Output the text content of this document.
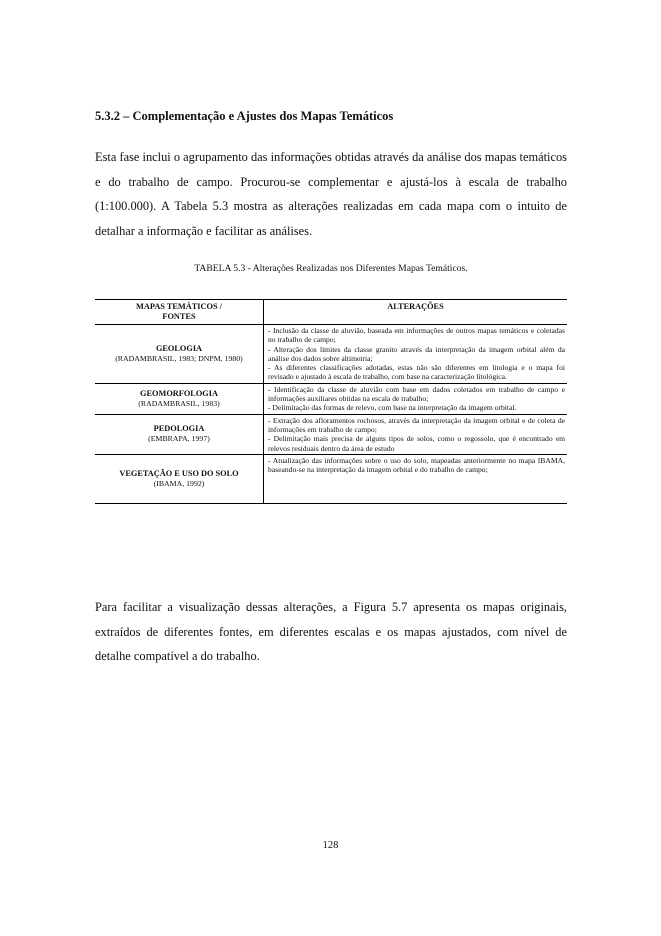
5.3.2 – Complementação e Ajustes dos Mapas Temáticos

Esta fase inclui o agrupamento das informações obtidas através da análise dos mapas temáticos e do trabalho de campo. Procurou-se complementar e ajustá-los à escala de trabalho (1:100.000). A Tabela 5.3 mostra as alterações realizadas em cada mapa com o intuito de detalhar a informação e facilitar as análises.

TABELA 5.3 - Alterações Realizadas nos Diferentes Mapas Temáticos.

MAPAS TEMÁTICOS / FONTES	ALTERAÇÕES

GEOLOGIA
(RADAMBRASIL, 1983; DNPM, 1980)	- Inclusão da classe de aluvião, baseada em informações de outros mapas temáticos e coletadas no trabalho de campo;
- Alteração dos limites da classe granito através da interpretação da imagem orbital além da análise dos dados sobre altimetria;
- As diferentes classificações adotadas, estas não são diferentes em litologia e o mapa foi revisado e ajustado à escala de trabalho, com base na caracterização litológica.

GEOMORFOLOGIA
(RADAMBRASIL, 1983)	- Identificação da classe de aluvião com base em dados coletados em trabalho de campo e informações auxiliares obtidas na escala de trabalho;
- Delimitação das formas de relevo, com base na interpretação da imagem orbital.

PEDOLOGIA
(EMBRAPA, 1997)	- Extração dos afloramentos rochosos, através da interpretação da imagem orbital e de coleta de informações em trabalho de campo;
- Delimitação mais precisa de alguns tipos de solos, como o regossolo, que é encontrado em relevos residuais dentro da área de estudo

VEGETAÇÃO E USO DO SOLO
(IBAMA, 1992)	- Atualização das informações sobre o uso do solo, mapeadas anteriormente no mapa IBAMA, baseando-se na interpretação da imagem orbital e do trabalho de campo;

Para facilitar a visualização dessas alterações, a Figura 5.7 apresenta os mapas originais, extraídos de diferentes fontes, em diferentes escalas e os mapas ajustados, com nível de detalhe compatível a do trabalho.

128
